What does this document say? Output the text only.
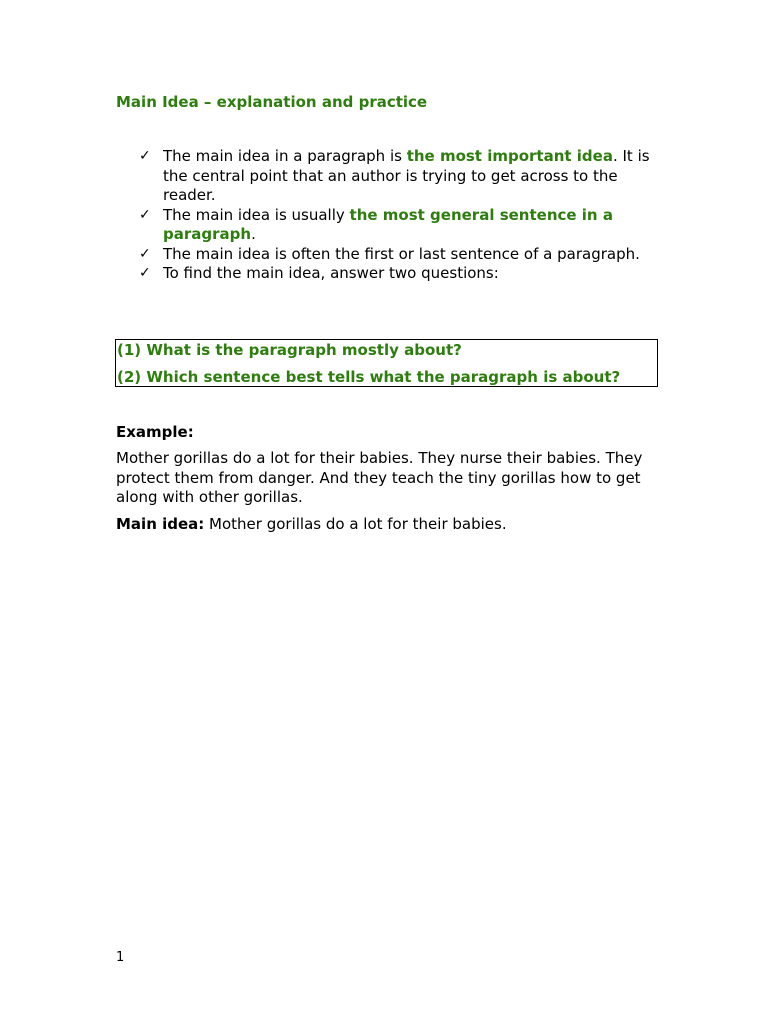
Main Idea – explanation and practice
✓ The main idea in a paragraph is the most important idea. It is the central point that an author is trying to get across to the reader.
✓ The main idea is usually the most general sentence in a paragraph.
✓ The main idea is often the first or last sentence of a paragraph.
✓ To find the main idea, answer two questions:
(1) What is the paragraph mostly about?
(2) Which sentence best tells what the paragraph is about?
Example:
Mother gorillas do a lot for their babies. They nurse their babies. They protect them from danger. And they teach the tiny gorillas how to get along with other gorillas.
Main idea: Mother gorillas do a lot for their babies.
1
